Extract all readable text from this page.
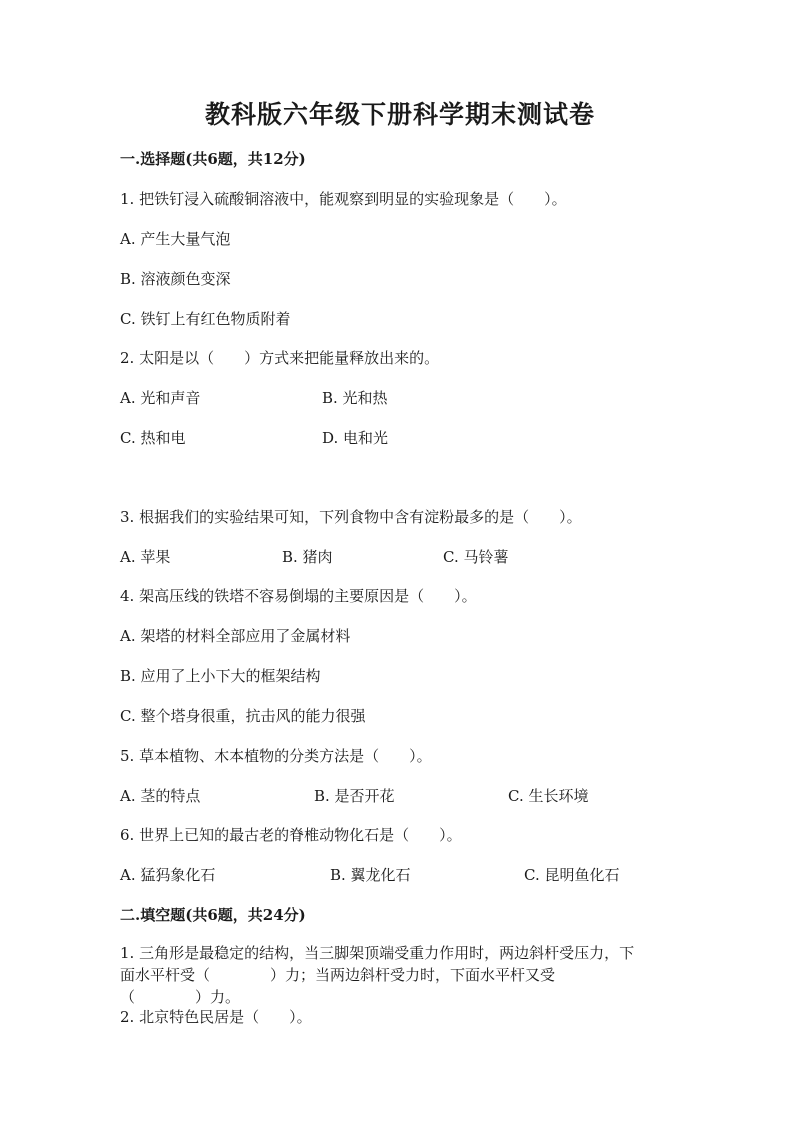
教科版六年级下册科学期末测试卷
一.选择题(共6题，共12分)
1. 把铁钉浸入硫酸铜溶液中，能观察到明显的实验现象是（　　）。
A. 产生大量气泡
B. 溶液颜色变深
C. 铁钉上有红色物质附着
2. 太阳是以（　　）方式来把能量释放出来的。
A. 光和声音	B. 光和热
C. 热和电	D. 电和光
3. 根据我们的实验结果可知，下列食物中含有淀粉最多的是（　　）。
A. 苹果	B. 猪肉	C. 马铃薯
4. 架高压线的铁塔不容易倒塌的主要原因是（　　）。
A. 架塔的材料全部应用了金属材料
B. 应用了上小下大的框架结构
C. 整个塔身很重，抗击风的能力很强
5. 草本植物、木本植物的分类方法是（　　）。
A. 茎的特点	B. 是否开花	C. 生长环境
6. 世界上已知的最古老的脊椎动物化石是（　　）。
A. 猛犸象化石	B. 翼龙化石	C. 昆明鱼化石
二.填空题(共6题，共24分)
1. 三角形是最稳定的结构，当三脚架顶端受重力作用时，两边斜杆受压力，下
面水平杆受（　　　　）力；当两边斜杆受力时，下面水平杆又受
（　　　　）力。
2. 北京特色民居是（　　）。
